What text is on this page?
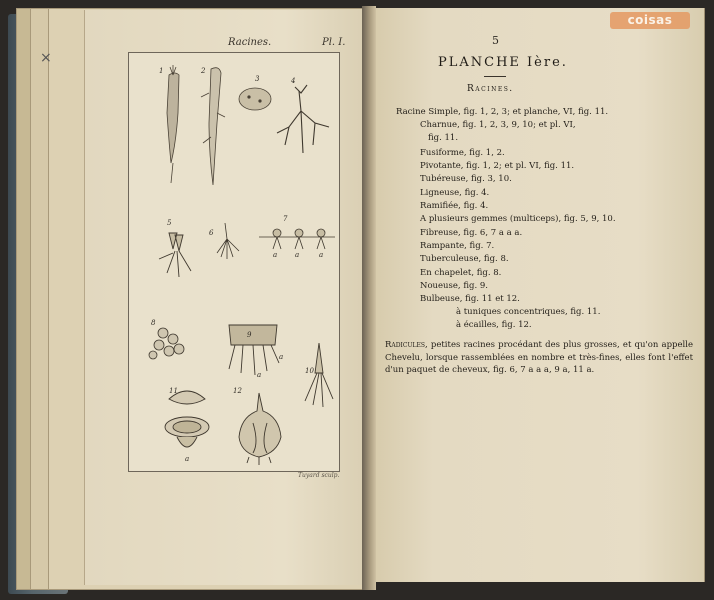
×
Racines.	Pl. I.
1	2
3	4
5
6
7
8
9
10
11	12
a	a	a
a
a
a
Tuyard sculp.
coisas
5
PLANCHE Ière.
Racines.
Racine Simple, fig. 1, 2, 3; et planche, VI, fig. 11.
Charnue, fig. 1, 2, 3, 9, 10; et pl. VI,
fig. 11.
Fusiforme, fig. 1, 2.
Pivotante, fig. 1, 2; et pl. VI, fig. 11.
Tubéreuse, fig. 3, 10.
Ligneuse, fig. 4.
Ramifiée, fig. 4.
A plusieurs gemmes (multiceps), fig. 5, 9, 10.
Fibreuse, fig. 6, 7 a a a.
Rampante, fig. 7.
Tuberculeuse, fig. 8.
En chapelet, fig. 8.
Noueuse, fig. 9.
Bulbeuse, fig. 11 et 12.
à tuniques concentriques, fig. 11.
à écailles, fig. 12.
Radicules, petites racines procédant des plus grosses, et qu'on appelle Chevelu, lorsque rassemblées en nombre et très-fines, elles font l'effet d'un paquet de cheveux, fig. 6, 7 a a a, 9 a, 11 a.
